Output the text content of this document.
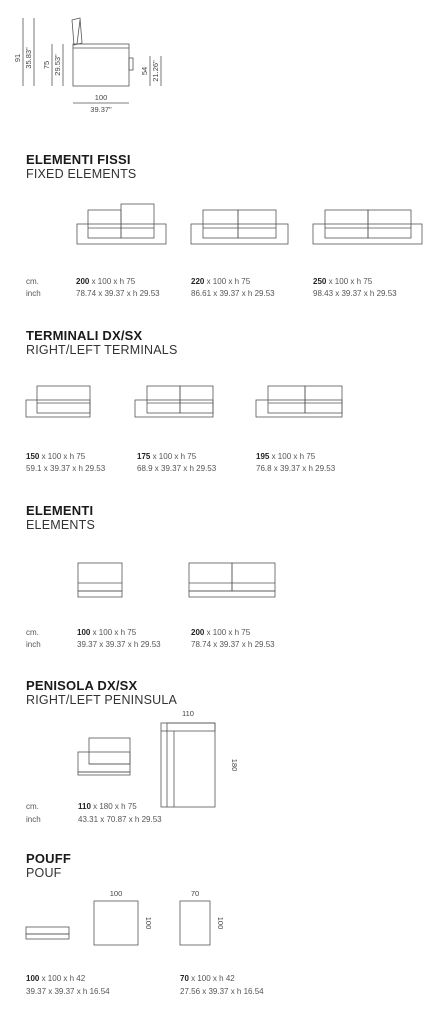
91 35.83" 75 29.53"	54 21.26"
100
39.37"
ELEMENTI FISSI
FIXED ELEMENTS
cm.
inch
200 x 100 x h 75
78.74 x 39.37 x h 29.53
220 x 100 x h 75
86.61 x 39.37 x h 29.53
250 x 100 x h 75
98.43 x 39.37 x h 29.53
TERMINALI DX/SX
RIGHT/LEFT TERMINALS
150 x 100 x h 75
59.1 x 39.37 x h 29.53
175 x 100 x h 75
68.9 x 39.37 x h 29.53
195 x 100 x h 75
76.8 x 39.37 x h 29.53
ELEMENTI
ELEMENTS
cm.
inch
100 x 100 x h 75
39.37 x 39.37 x h 29.53
200 x 100 x h 75
78.74 x 39.37 x h 29.53
PENISOLA DX/SX
RIGHT/LEFT PENINSULA
110
180
cm.
inch
110 x 180 x h 75
43.31 x 70.87 x h 29.53
POUFF
POUF
100
100
70
100
100 x 100 x h 42
39.37 x 39.37 x h 16.54
70 x 100 x h 42
27.56 x 39.37 x h 16.54
